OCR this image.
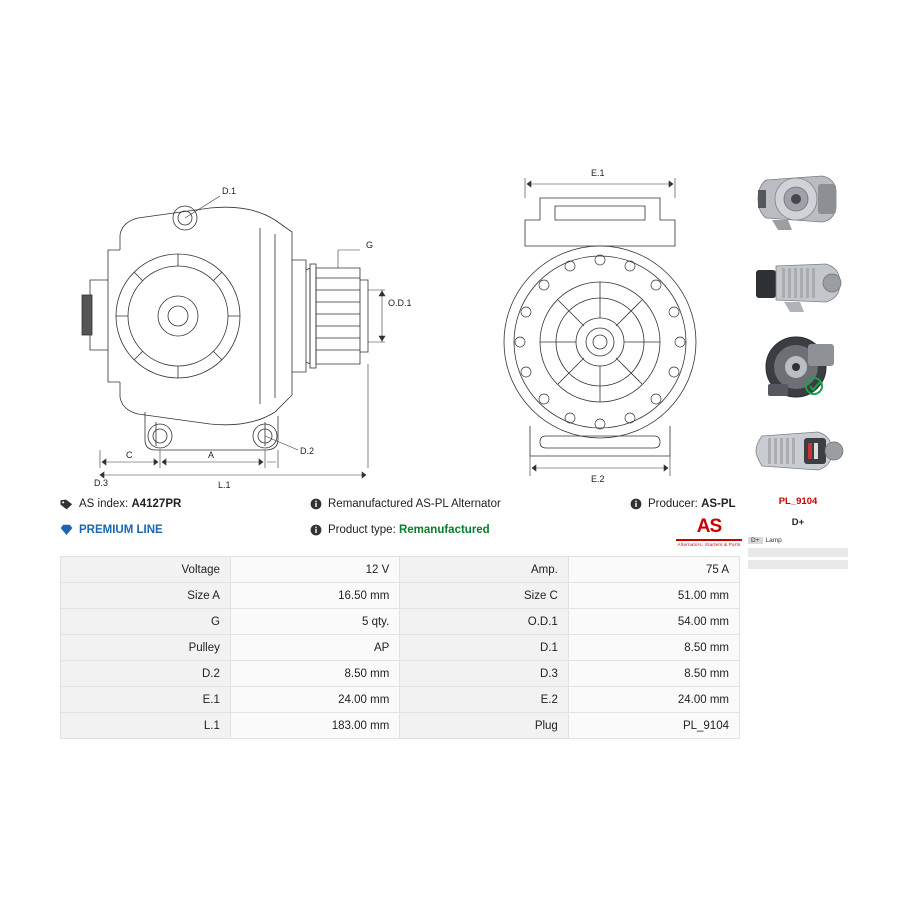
D.1
G
O.D.1
D.2
D.3
C	A
L.1
E.1
E.2
PL_9104
D+
D+ Lamp
AS index:
A4127PR
PREMIUM LINE
Remanufactured AS-PL Alternator
Product type:
Remanufactured
Producer:
AS-PL
AS
Alternators, Starters & Parts
Voltage	12 V	Amp.	75 A
Size A	16.50 mm	Size C	51.00 mm
G	5 qty.	O.D.1	54.00 mm
Pulley	AP	D.1	8.50 mm
D.2	8.50 mm	D.3	8.50 mm
E.1	24.00 mm	E.2	24.00 mm
L.1	183.00 mm	Plug	PL_9104
